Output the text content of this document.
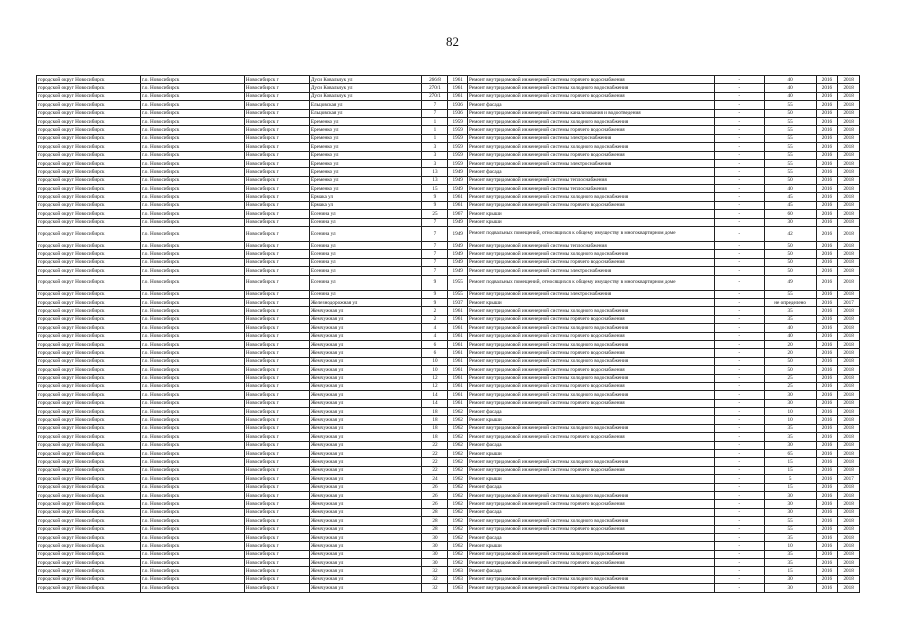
82
городской округ Новосибирск	г.о. Новосибирск	Новосибирск г	Дуси Ковальчук ул	266/8	1961	Ремонт внутридомовой инженерной системы горячего водоснабжения	-	40	2016	2018
городской округ Новосибирск	г.о. Новосибирск	Новосибирск г	Дуси Ковальчук ул	270/1	1961	Ремонт внутридомовой инженерной системы холодного водоснабжения	-	40	2016	2018
городской округ Новосибирск	г.о. Новосибирск	Новосибирск г	Дуси Ковальчук ул	270/1	1961	Ремонт внутридомовой инженерной системы горячего водоснабжения	-	40	2016	2018
городской округ Новосибирск	г.о. Новосибирск	Новосибирск г	Ельцовская ул	7	1936	Ремонт фасада	-	55	2016	2018
городской округ Новосибирск	г.о. Новосибирск	Новосибирск г	Ельцовская ул	7	1936	Ремонт внутридомовой инженерной системы канализования и водоотведения	-	50	2016	2018
городской округ Новосибирск	г.о. Новосибирск	Новосибирск г	Еременко ул	1	1959	Ремонт внутридомовой инженерной системы холодного водоснабжения	-	55	2016	2018
городской округ Новосибирск	г.о. Новосибирск	Новосибирск г	Еременко ул	1	1959	Ремонт внутридомовой инженерной системы горячего водоснабжения	-	55	2016	2018
городской округ Новосибирск	г.о. Новосибирск	Новосибирск г	Еременко ул	1	1959	Ремонт внутридомовой инженерной системы электроснабжения	-	55	2016	2018
городской округ Новосибирск	г.о. Новосибирск	Новосибирск г	Еременко ул	3	1959	Ремонт внутридомовой инженерной системы холодного водоснабжения	-	55	2016	2018
городской округ Новосибирск	г.о. Новосибирск	Новосибирск г	Еременко ул	3	1959	Ремонт внутридомовой инженерной системы горячего водоснабжения	-	55	2016	2018
городской округ Новосибирск	г.о. Новосибирск	Новосибирск г	Еременко ул	3	1959	Ремонт внутридомовой инженерной системы электроснабжения	-	55	2016	2018
городской округ Новосибирск	г.о. Новосибирск	Новосибирск г	Еременко ул	13	1949	Ремонт фасада	-	55	2016	2018
городской округ Новосибирск	г.о. Новосибирск	Новосибирск г	Еременко ул	13	1949	Ремонт внутридомовой инженерной системы теплоснабжения	-	50	2016	2018
городской округ Новосибирск	г.о. Новосибирск	Новосибирск г	Еременко ул	15	1949	Ремонт внутридомовой инженерной системы теплоснабжения	-	40	2016	2018
городской округ Новосибирск	г.о. Новосибирск	Новосибирск г	Ермака ул	9	1961	Ремонт внутридомовой инженерной системы холодного водоснабжения	-	45	2016	2018
городской округ Новосибирск	г.о. Новосибирск	Новосибирск г	Ермака ул	9	1961	Ремонт внутридомовой инженерной системы горячего водоснабжения	-	45	2016	2018
городской округ Новосибирск	г.о. Новосибирск	Новосибирск г	Есенина ул	25	1967	Ремонт крыши	-	60	2016	2018
городской округ Новосибирск	г.о. Новосибирск	Новосибирск г	Есенина ул	7	1949	Ремонт крыши	-	30	2016	2018
городской округ Новосибирск	г.о. Новосибирск	Новосибирск г	Есенина ул	7	1949	Ремонт подвальных помещений, относящихся к общему имуществу в многоквартирном доме	-	42	2016	2018
городской округ Новосибирск	г.о. Новосибирск	Новосибирск г	Есенина ул	7	1949	Ремонт внутридомовой инженерной системы теплоснабжения	-	50	2016	2018
городской округ Новосибирск	г.о. Новосибирск	Новосибирск г	Есенина ул	7	1949	Ремонт внутридомовой инженерной системы холодного водоснабжения	-	50	2016	2018
городской округ Новосибирск	г.о. Новосибирск	Новосибирск г	Есенина ул	7	1949	Ремонт внутридомовой инженерной системы горячего водоснабжения	-	50	2016	2018
городской округ Новосибирск	г.о. Новосибирск	Новосибирск г	Есенина ул	7	1949	Ремонт внутридомовой инженерной системы электроснабжения	-	50	2016	2018
городской округ Новосибирск	г.о. Новосибирск	Новосибирск г	Есенина ул	9	1955	Ремонт подвальных помещений, относящихся к общему имуществу в многоквартирном доме	-	49	2016	2018
городской округ Новосибирск	г.о. Новосибирск	Новосибирск г	Есенина ул	9	1955	Ремонт внутридомовой инженерной системы электроснабжения	-	55	2016	2018
городской округ Новосибирск	г.о. Новосибирск	Новосибирск г	Железнодорожная ул	9	1937	Ремонт крыши	-	не определено	2016	2017
городской округ Новосибирск	г.о. Новосибирск	Новосибирск г	Жемчужная ул	2	1961	Ремонт внутридомовой инженерной системы холодного водоснабжения	-	35	2016	2018
городской округ Новосибирск	г.о. Новосибирск	Новосибирск г	Жемчужная ул	2	1961	Ремонт внутридомовой инженерной системы горячего водоснабжения	-	35	2016	2018
городской округ Новосибирск	г.о. Новосибирск	Новосибирск г	Жемчужная ул	4	1961	Ремонт внутридомовой инженерной системы холодного водоснабжения	-	40	2016	2018
городской округ Новосибирск	г.о. Новосибирск	Новосибирск г	Жемчужная ул	4	1961	Ремонт внутридомовой инженерной системы горячего водоснабжения	-	40	2016	2018
городской округ Новосибирск	г.о. Новосибирск	Новосибирск г	Жемчужная ул	6	1961	Ремонт внутридомовой инженерной системы холодного водоснабжения	-	20	2016	2018
городской округ Новосибирск	г.о. Новосибирск	Новосибирск г	Жемчужная ул	6	1961	Ремонт внутридомовой инженерной системы горячего водоснабжения	-	20	2016	2018
городской округ Новосибирск	г.о. Новосибирск	Новосибирск г	Жемчужная ул	10	1961	Ремонт внутридомовой инженерной системы холодного водоснабжения	-	50	2016	2018
городской округ Новосибирск	г.о. Новосибирск	Новосибирск г	Жемчужная ул	10	1961	Ремонт внутридомовой инженерной системы горячего водоснабжения	-	50	2016	2018
городской округ Новосибирск	г.о. Новосибирск	Новосибирск г	Жемчужная ул	12	1961	Ремонт внутридомовой инженерной системы холодного водоснабжения	-	25	2016	2018
городской округ Новосибирск	г.о. Новосибирск	Новосибирск г	Жемчужная ул	12	1961	Ремонт внутридомовой инженерной системы горячего водоснабжения	-	25	2016	2018
городской округ Новосибирск	г.о. Новосибирск	Новосибирск г	Жемчужная ул	14	1961	Ремонт внутридомовой инженерной системы холодного водоснабжения	-	30	2016	2018
городской округ Новосибирск	г.о. Новосибирск	Новосибирск г	Жемчужная ул	14	1961	Ремонт внутридомовой инженерной системы горячего водоснабжения	-	30	2016	2018
городской округ Новосибирск	г.о. Новосибирск	Новосибирск г	Жемчужная ул	18	1962	Ремонт фасада	-	10	2016	2018
городской округ Новосибирск	г.о. Новосибирск	Новосибирск г	Жемчужная ул	18	1962	Ремонт крыши	-	10	2016	2018
городской округ Новосибирск	г.о. Новосибирск	Новосибирск г	Жемчужная ул	18	1962	Ремонт внутридомовой инженерной системы холодного водоснабжения	-	35	2016	2018
городской округ Новосибирск	г.о. Новосибирск	Новосибирск г	Жемчужная ул	18	1962	Ремонт внутридомовой инженерной системы горячего водоснабжения	-	35	2016	2018
городской округ Новосибирск	г.о. Новосибирск	Новосибирск г	Жемчужная ул	22	1962	Ремонт фасада	-	30	2016	2018
городской округ Новосибирск	г.о. Новосибирск	Новосибирск г	Жемчужная ул	22	1962	Ремонт крыши	-	65	2016	2018
городской округ Новосибирск	г.о. Новосибирск	Новосибирск г	Жемчужная ул	22	1962	Ремонт внутридомовой инженерной системы холодного водоснабжения	-	15	2016	2018
городской округ Новосибирск	г.о. Новосибирск	Новосибирск г	Жемчужная ул	22	1962	Ремонт внутридомовой инженерной системы горячего водоснабжения	-	15	2016	2018
городской округ Новосибирск	г.о. Новосибирск	Новосибирск г	Жемчужная ул	24	1962	Ремонт крыши	-	5	2016	2017
городской округ Новосибирск	г.о. Новосибирск	Новосибирск г	Жемчужная ул	26	1962	Ремонт фасада	-	15	2016	2018
городской округ Новосибирск	г.о. Новосибирск	Новосибирск г	Жемчужная ул	26	1962	Ремонт внутридомовой инженерной системы холодного водоснабжения	-	30	2016	2018
городской округ Новосибирск	г.о. Новосибирск	Новосибирск г	Жемчужная ул	26	1962	Ремонт внутридомовой инженерной системы горячего водоснабжения	-	30	2016	2018
городской округ Новосибирск	г.о. Новосибирск	Новосибирск г	Жемчужная ул	28	1962	Ремонт фасада	-	30	2016	2018
городской округ Новосибирск	г.о. Новосибирск	Новосибирск г	Жемчужная ул	28	1962	Ремонт внутридомовой инженерной системы холодного водоснабжения	-	55	2016	2018
городской округ Новосибирск	г.о. Новосибирск	Новосибирск г	Жемчужная ул	28	1962	Ремонт внутридомовой инженерной системы горячего водоснабжения	-	55	2016	2018
городской округ Новосибирск	г.о. Новосибирск	Новосибирск г	Жемчужная ул	30	1962	Ремонт фасада	-	35	2016	2018
городской округ Новосибирск	г.о. Новосибирск	Новосибирск г	Жемчужная ул	30	1962	Ремонт крыши	-	10	2016	2018
городской округ Новосибирск	г.о. Новосибирск	Новосибирск г	Жемчужная ул	30	1962	Ремонт внутридомовой инженерной системы холодного водоснабжения	-	35	2016	2018
городской округ Новосибирск	г.о. Новосибирск	Новосибирск г	Жемчужная ул	30	1962	Ремонт внутридомовой инженерной системы горячего водоснабжения	-	35	2016	2018
городской округ Новосибирск	г.о. Новосибирск	Новосибирск г	Жемчужная ул	32	1963	Ремонт фасада	-	15	2016	2018
городской округ Новосибирск	г.о. Новосибирск	Новосибирск г	Жемчужная ул	32	1963	Ремонт внутридомовой инженерной системы холодного водоснабжения	-	30	2016	2018
городской округ Новосибирск	г.о. Новосибирск	Новосибирск г	Жемчужная ул	32	1963	Ремонт внутридомовой инженерной системы горячего водоснабжения	-	30	2016	2018
